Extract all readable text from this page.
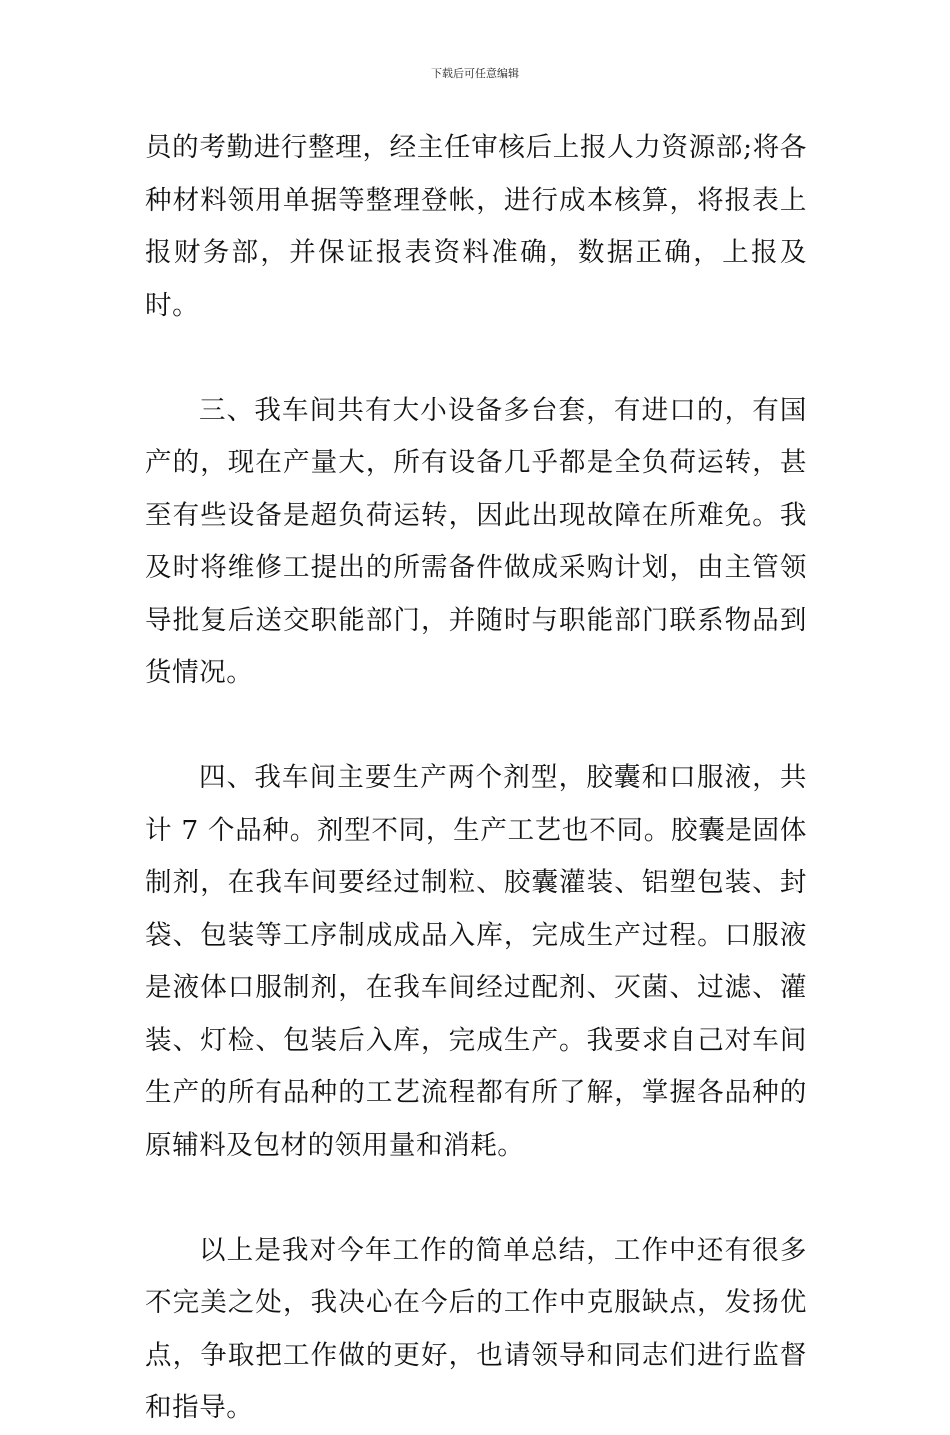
下载后可任意编辑

员的考勤进行整理，经主任审核后上报人力资源部;将各种材料领用单据等整理登帐，进行成本核算，将报表上报财务部，并保证报表资料准确，数据正确，上报及时。

三、我车间共有大小设备多台套，有进口的，有国产的，现在产量大，所有设备几乎都是全负荷运转，甚至有些设备是超负荷运转，因此出现故障在所难免。我及时将维修工提出的所需备件做成采购计划，由主管领导批复后送交职能部门，并随时与职能部门联系物品到货情况。

四、我车间主要生产两个剂型，胶囊和口服液，共计 7 个品种。剂型不同，生产工艺也不同。胶囊是固体制剂，在我车间要经过制粒、胶囊灌装、铝塑包装、封袋、包装等工序制成成品入库，完成生产过程。口服液是液体口服制剂，在我车间经过配剂、灭菌、过滤、灌装、灯检、包装后入库，完成生产。我要求自己对车间生产的所有品种的工艺流程都有所了解，掌握各品种的原辅料及包材的领用量和消耗。

以上是我对今年工作的简单总结，工作中还有很多不完美之处，我决心在今后的工作中克服缺点，发扬优点，争取把工作做的更好，也请领导和同志们进行监督和指导。
